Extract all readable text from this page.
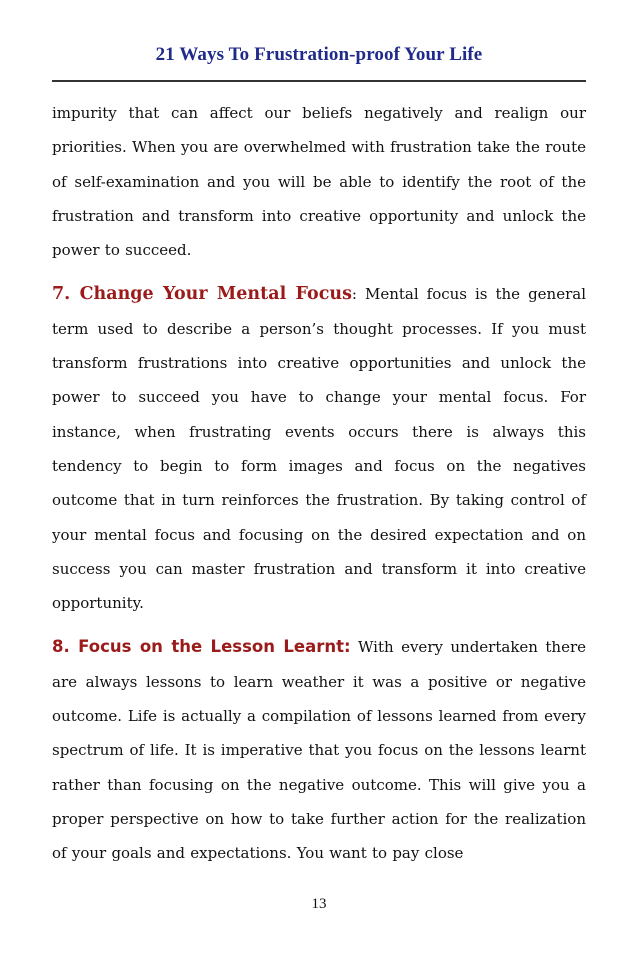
21 Ways To Frustration-proof Your Life

impurity that can affect our beliefs negatively and realign our priorities. When you are overwhelmed with frustration take the route of self-examination and you will be able to identify the root of the frustration and transform into creative opportunity and unlock the power to succeed.

7. Change Your Mental Focus: Mental focus is the general term used to describe a person’s thought processes. If you must transform frustrations into creative opportunities and unlock the power to succeed you have to change your mental focus. For instance, when frustrating events occurs there is always this tendency to begin to form images and focus on the negatives outcome that in turn reinforces the frustration. By taking control of your mental focus and focusing on the desired expectation and on success you can master frustration and transform it into creative opportunity.

8. Focus on the Lesson Learnt: With every undertaken there are always lessons to learn weather it was a positive or negative outcome. Life is actually a compilation of lessons learned from every spectrum of life. It is imperative that you focus on the lessons learnt rather than focusing on the negative outcome. This will give you a proper perspective on how to take further action for the realization of your goals and expectations. You want to pay close

13
